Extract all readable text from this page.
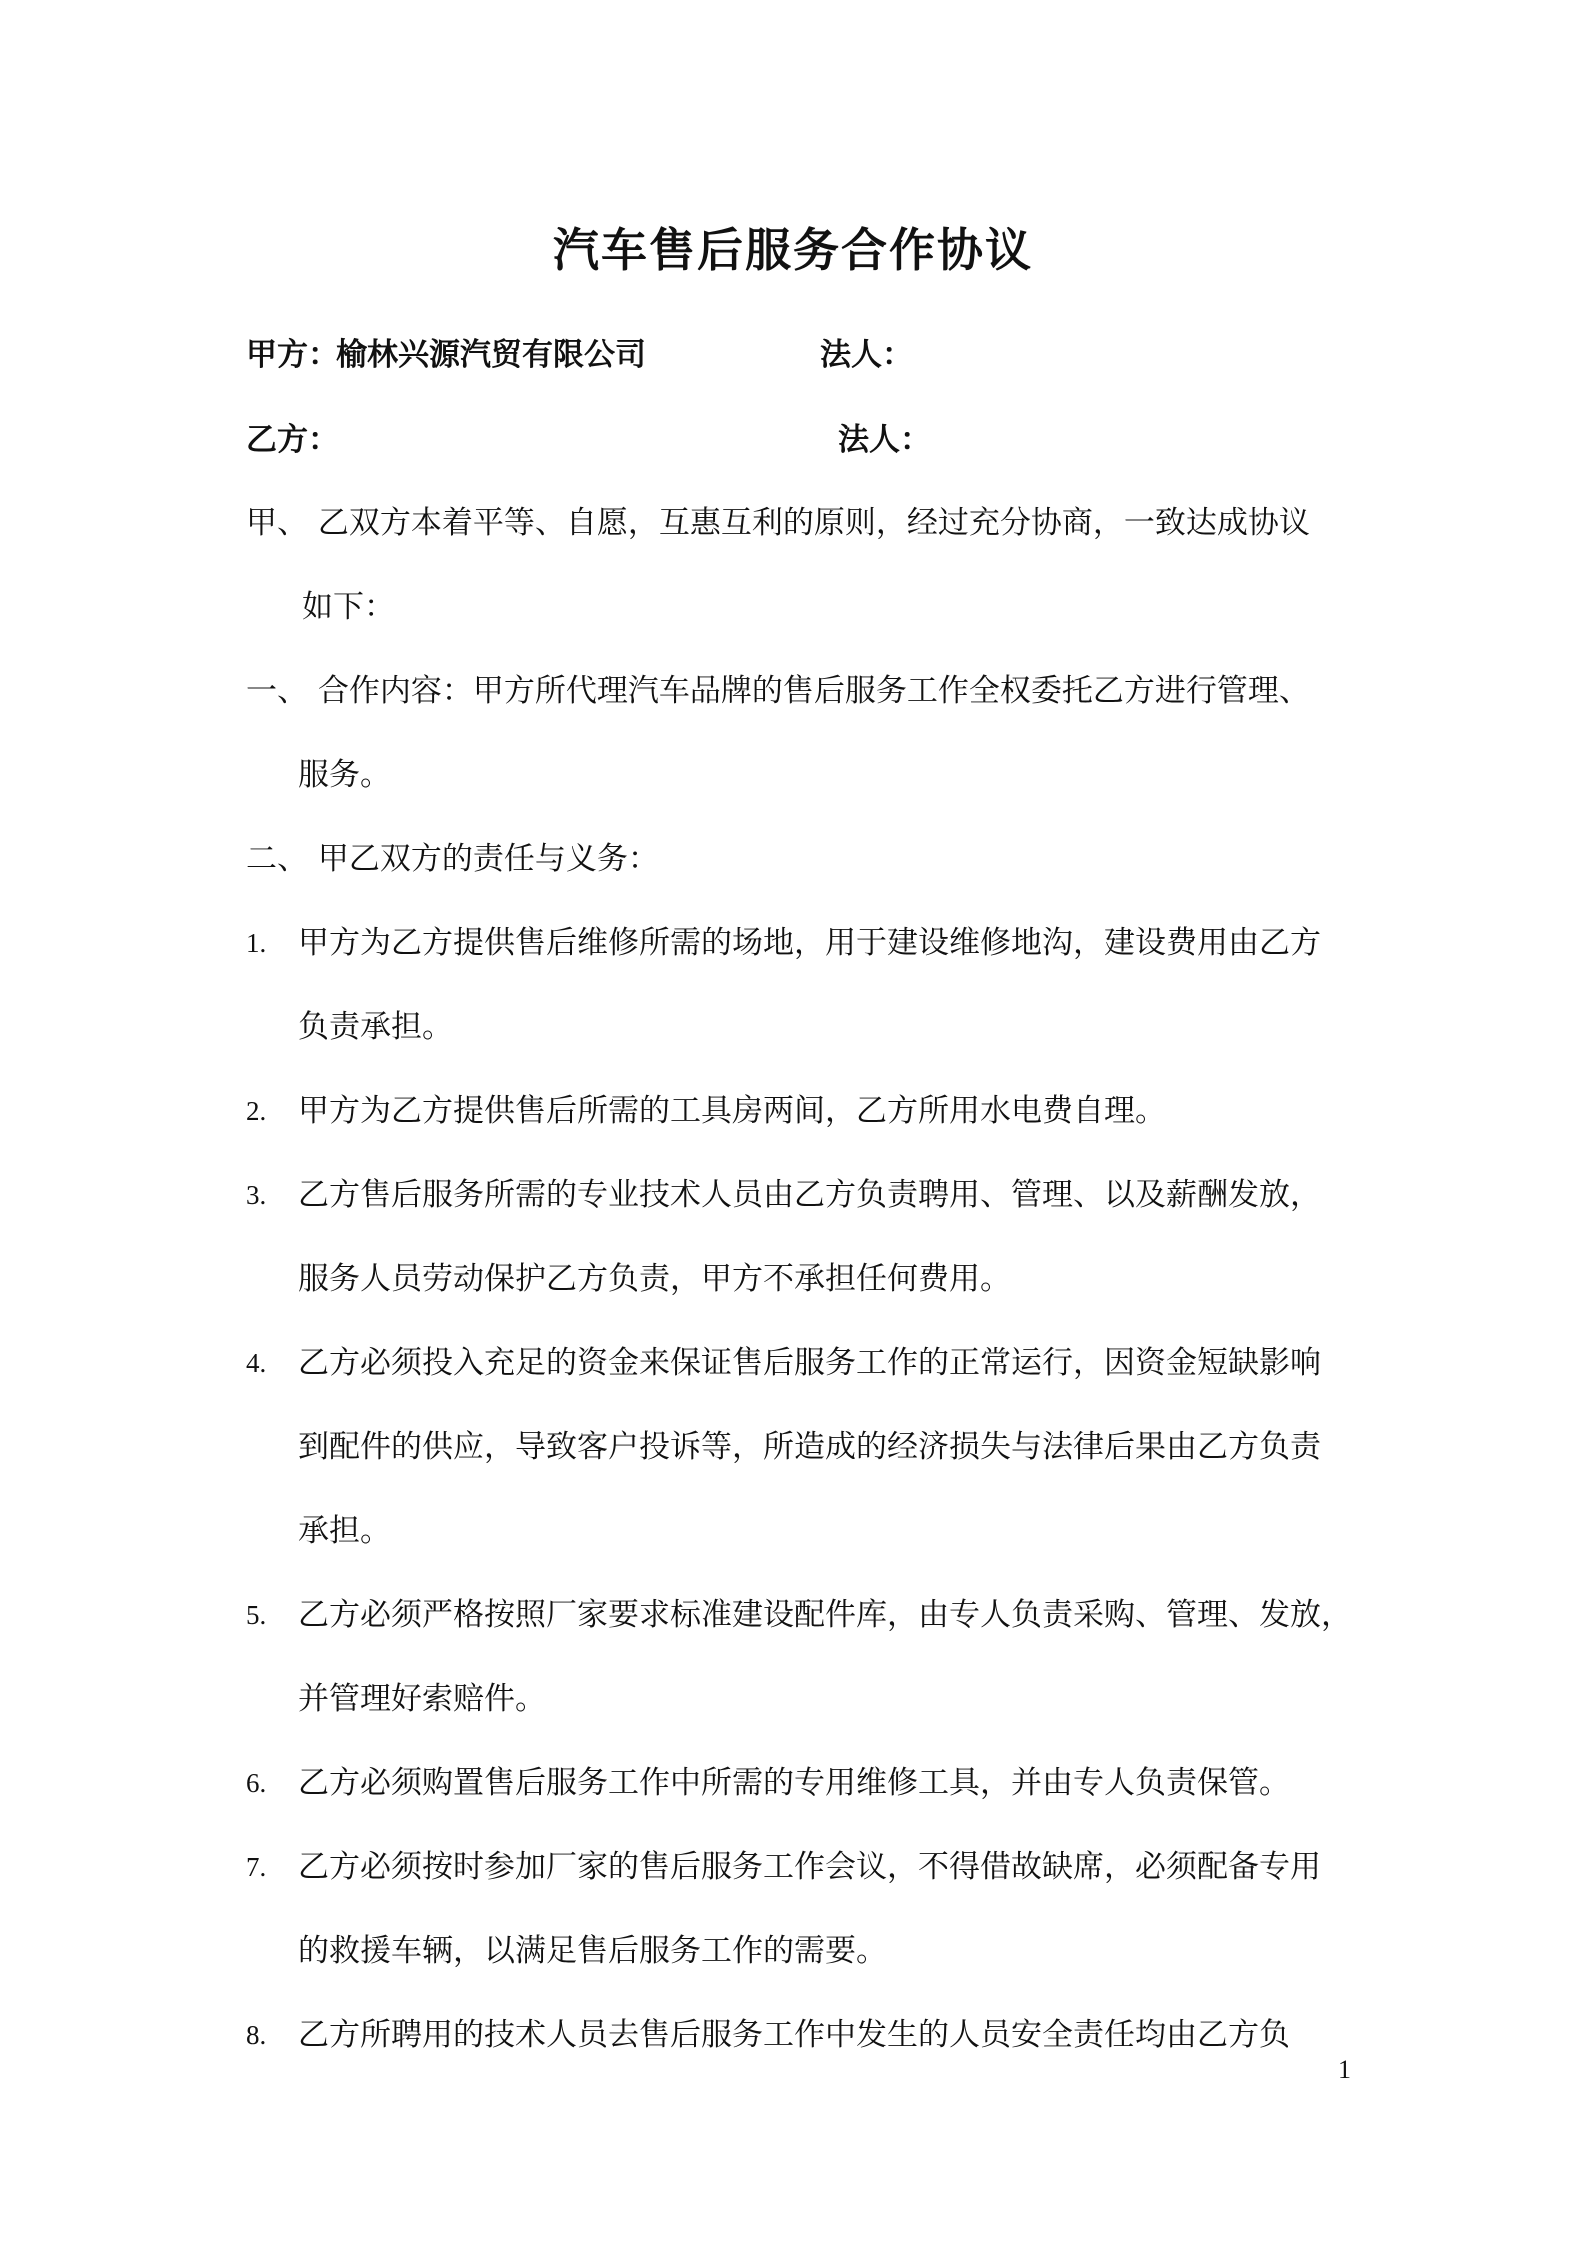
汽车售后服务合作协议
甲方：
榆林兴源汽贸有限公司	法人：
乙方：	法人：
甲、 乙双方本着平等、自愿，互惠互利的原则，经过充分协商，一致达成协议
如下：
一、 合作内容：甲方所代理汽车品牌的售后服务工作全权委托乙方进行管理、
服务。
二、 甲乙双方的责任与义务：
1. 甲方为乙方提供售后维修所需的场地，用于建设维修地沟，建设费用由乙方
负责承担。
2. 甲方为乙方提供售后所需的工具房两间，乙方所用水电费自理。
3. 乙方售后服务所需的专业技术人员由乙方负责聘用、管理、以及薪酬发放，
服务人员劳动保护乙方负责，甲方不承担任何费用。
4. 乙方必须投入充足的资金来保证售后服务工作的正常运行，因资金短缺影响
到配件的供应，导致客户投诉等，所造成的经济损失与法律后果由乙方负责
承担。
5. 乙方必须严格按照厂家要求标准建设配件库，由专人负责采购、管理、发放，
并管理好索赔件。
6. 乙方必须购置售后服务工作中所需的专用维修工具，并由专人负责保管。
7. 乙方必须按时参加厂家的售后服务工作会议，不得借故缺席，必须配备专用
的救援车辆，以满足售后服务工作的需要。
8. 乙方所聘用的技术人员去售后服务工作中发生的人员安全责任均由乙方负
1
